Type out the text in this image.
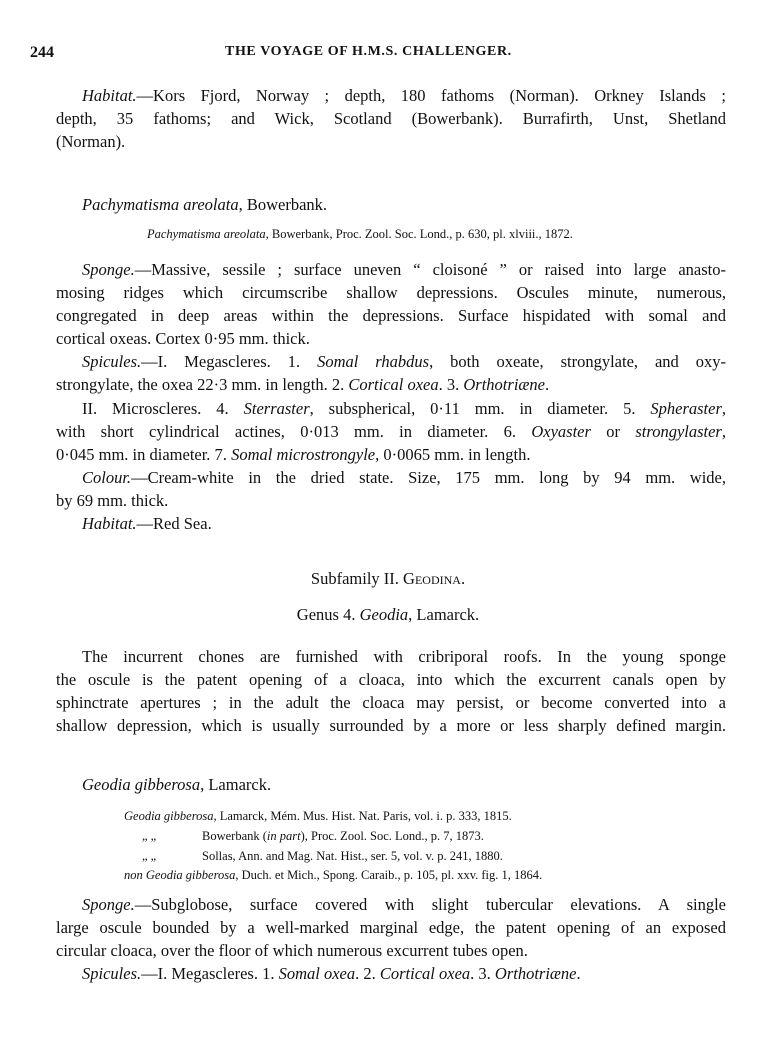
244	THE VOYAGE OF H.M.S. CHALLENGER.
Habitat.—Kors Fjord, Norway ; depth, 180 fathoms (Norman). Orkney Islands ;
depth, 35 fathoms; and Wick, Scotland (Bowerbank). Burrafirth, Unst, Shetland
(Norman).
Pachymatisma areolata, Bowerbank.
Pachymatisma areolata, Bowerbank, Proc. Zool. Soc. Lond., p. 630, pl. xlviii., 1872.
Sponge.—Massive, sessile ; surface uneven “ cloisoné ” or raised into large anasto-
mosing ridges which circumscribe shallow depressions. Oscules minute, numerous,
congregated in deep areas within the depressions. Surface hispidated with somal and
cortical oxeas. Cortex 0·95 mm. thick.
Spicules.—I. Megascleres. 1. Somal rhabdus, both oxeate, strongylate, and oxy-
strongylate, the oxea 22·3 mm. in length. 2. Cortical oxea. 3. Orthotriæne.
II. Microscleres. 4. Sterraster, subspherical, 0·11 mm. in diameter. 5. Spheraster,
with short cylindrical actines, 0·013 mm. in diameter. 6. Oxyaster or strongylaster,
0·045 mm. in diameter. 7. Somal microstrongyle, 0·0065 mm. in length.
Colour.—Cream-white in the dried state. Size, 175 mm. long by 94 mm. wide,
by 69 mm. thick.
Habitat.—Red Sea.
Subfamily II. Geodina.
Genus 4. Geodia, Lamarck.
The incurrent chones are furnished with cribriporal roofs. In the young sponge
the oscule is the patent opening of a cloaca, into which the excurrent canals open by
sphinctrate apertures ; in the adult the cloaca may persist, or become converted into a
shallow depression, which is usually surrounded by a more or less sharply defined margin.
Geodia gibberosa, Lamarck.
Geodia gibberosa, Lamarck, Mém. Mus. Hist. Nat. Paris, vol. i. p. 333, 1815.
„ „	Bowerbank (in part), Proc. Zool. Soc. Lond., p. 7, 1873.
„ „	Sollas, Ann. and Mag. Nat. Hist., ser. 5, vol. v. p. 241, 1880.
non Geodia gibberosa, Duch. et Mich., Spong. Caraib., p. 105, pl. xxv. fig. 1, 1864.
Sponge.—Subglobose, surface covered with slight tubercular elevations. A single
large oscule bounded by a well-marked marginal edge, the patent opening of an exposed
circular cloaca, over the floor of which numerous excurrent tubes open.
Spicules.—I. Megascleres. 1. Somal oxea. 2. Cortical oxea. 3. Orthotriæne.
